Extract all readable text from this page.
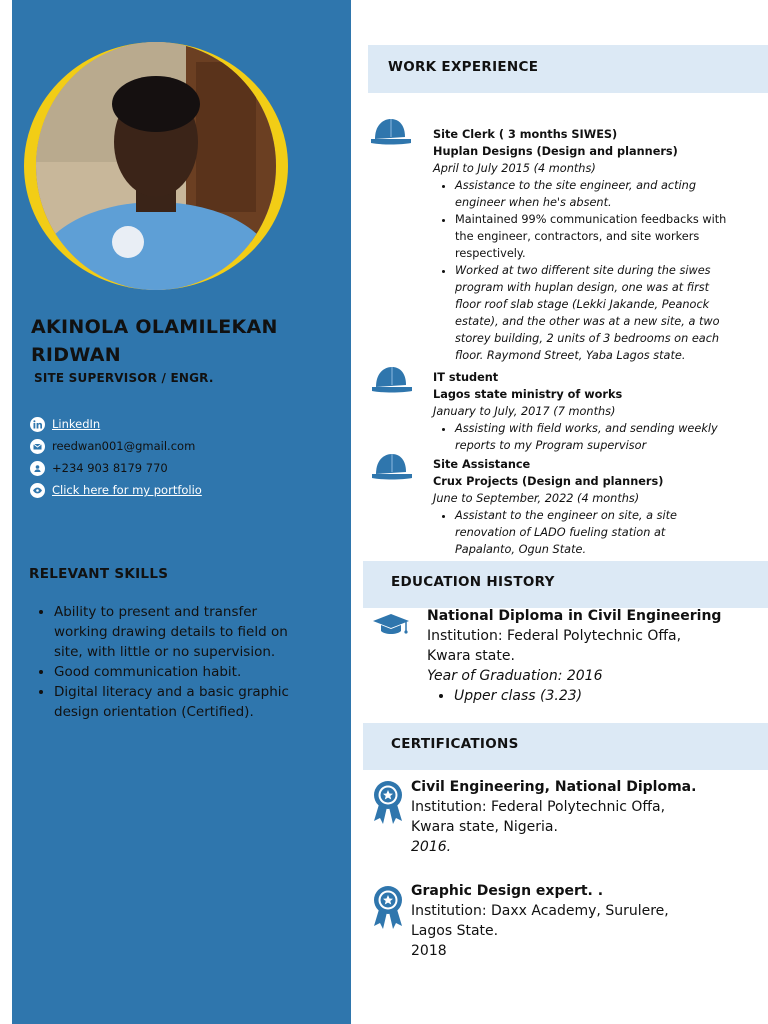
AKINOLA OLAMILEKAN
RIDWAN
SITE SUPERVISOR / ENGR.
LinkedIn
reedwan001@gmail.com
+234 903 8179 770
Click here for my portfolio
RELEVANT SKILLS
• Ability to present and transfer working drawing details to field on site, with little or no supervision.
• Good communication habit.
• Digital literacy and a basic graphic design orientation (Certified).
WORK EXPERIENCE
Site Clerk ( 3 months SIWES)
Huplan Designs (Design and planners)
April to July 2015 (4 months)
• Assistance to the site engineer, and acting engineer when he's absent.
• Maintained 99% communication feedbacks with the engineer, contractors, and site workers respectively.
• Worked at two different site during the siwes program with huplan design, one was at first floor roof slab stage (Lekki Jakande, Peanock estate), and the other was at a new site, a two storey building, 2 units of 3 bedrooms on each floor. Raymond Street, Yaba Lagos state.
IT student
Lagos state ministry of works
January to July, 2017 (7 months)
• Assisting with field works, and sending weekly reports to my Program supervisor
Site Assistance
Crux Projects (Design and planners)
June to September, 2022 (4 months)
• Assistant to the engineer on site, a site renovation of LADO fueling station at Papalanto, Ogun State.
EDUCATION HISTORY
National Diploma in Civil Engineering
Institution: Federal Polytechnic Offa, Kwara state.
Year of Graduation: 2016
• Upper class (3.23)
CERTIFICATIONS
Civil Engineering, National Diploma.
Institution: Federal Polytechnic Offa, Kwara state, Nigeria.
2016.
Graphic Design expert. .
Institution: Daxx Academy, Surulere, Lagos State.
2018
